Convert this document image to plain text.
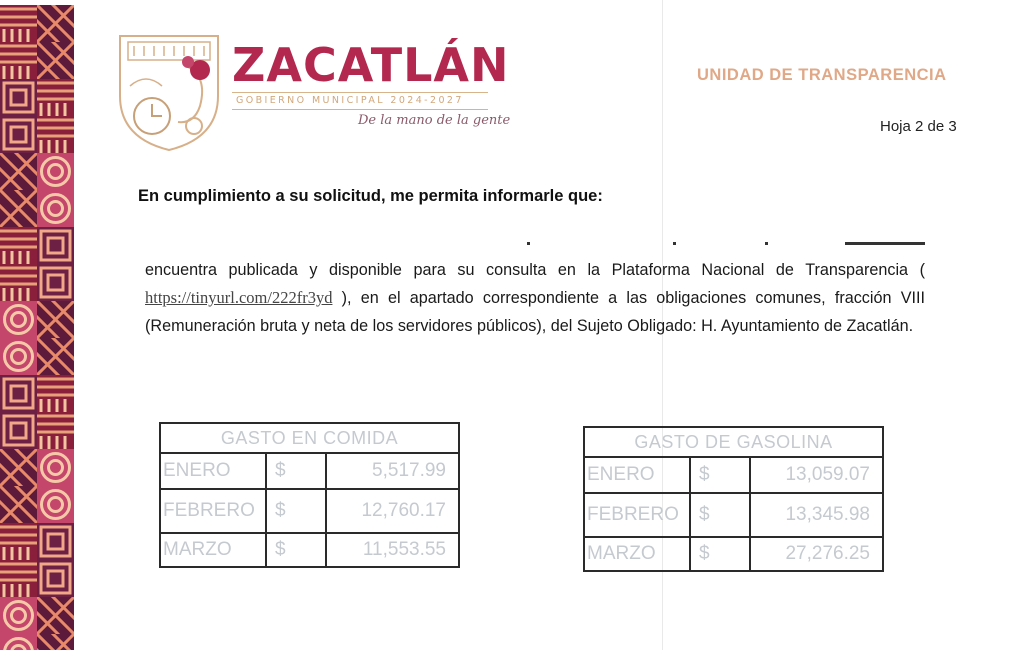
ZACATLÁN
GOBIERNO MUNICIPAL 2024-2027
De la mano de la gente
UNIDAD DE TRANSPARENCIA
Hoja 2 de 3
En cumplimiento a su solicitud, me permita informarle que:
encuentra publicada y disponible para su consulta en la Plataforma Nacional de Transparencia ( https://tinyurl.com/222fr3yd ), en el apartado correspondiente a las obligaciones comunes, fracción VIII (Remuneración bruta y neta de los servidores públicos), del Sujeto Obligado: H. Ayuntamiento de Zacatlán.
GASTO EN COMIDA		
ENERO	$	5,517.99
FEBRERO	$	12,760.17
MARZO	$	11,553.55
GASTO DE GASOLINA		
ENERO	$	13,059.07
FEBRERO	$	13,345.98
MARZO	$	27,276.25
